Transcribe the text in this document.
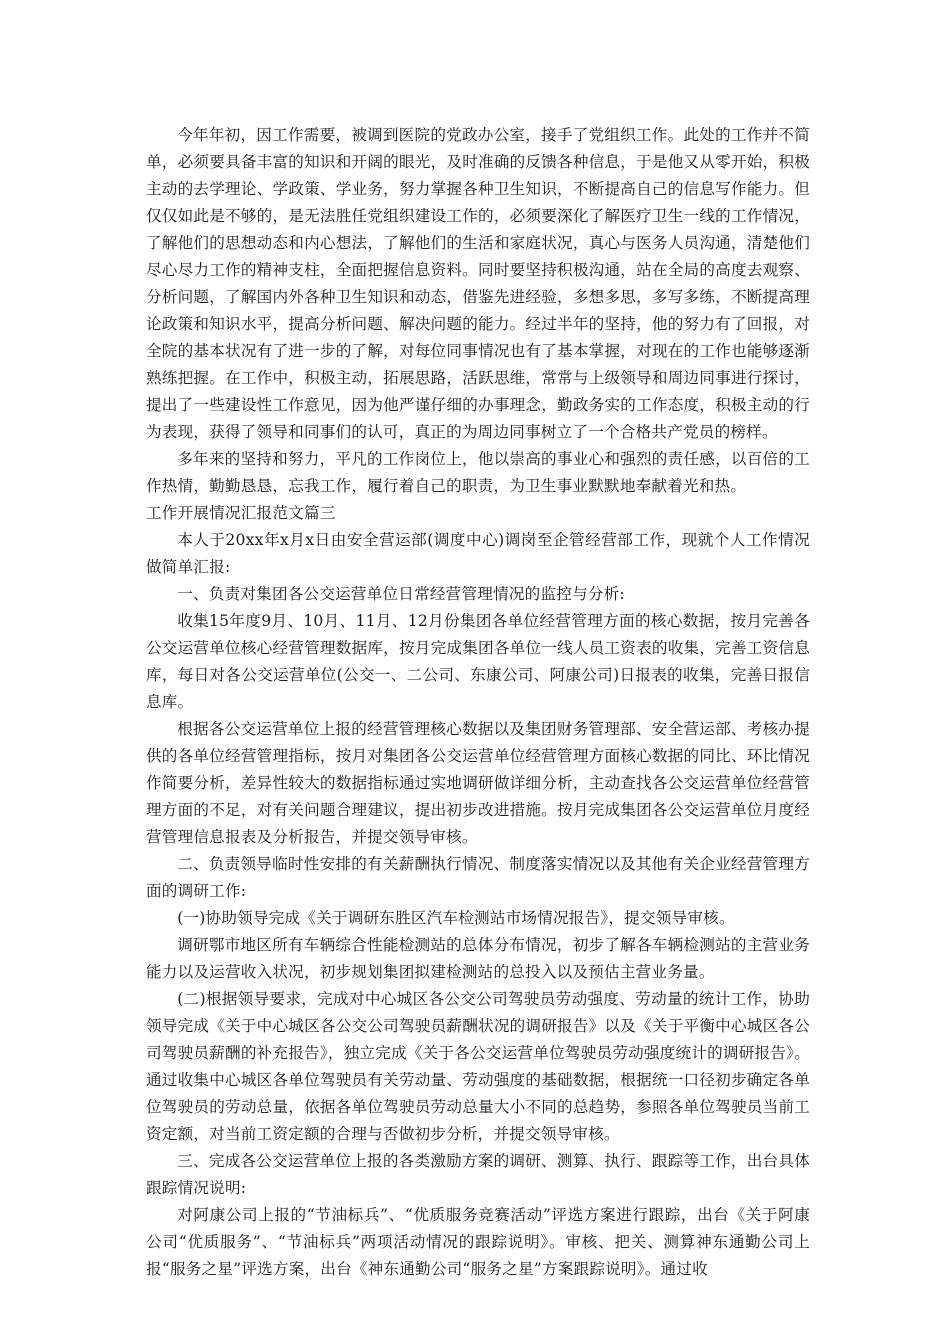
今年年初，因工作需要，被调到医院的党政办公室，接手了党组织工作。此处的工作并不简单，必须要具备丰富的知识和开阔的眼光，及时准确的反馈各种信息，于是他又从零开始，积极主动的去学理论、学政策、学业务，努力掌握各种卫生知识，不断提高自己的信息写作能力。但仅仅如此是不够的，是无法胜任党组织建设工作的，必须要深化了解医疗卫生一线的工作情况，了解他们的思想动态和内心想法，了解他们的生活和家庭状况，真心与医务人员沟通，清楚他们尽心尽力工作的精神支柱，全面把握信息资料。同时要坚持积极沟通，站在全局的高度去观察、分析问题，了解国内外各种卫生知识和动态，借鉴先进经验，多想多思，多写多练，不断提高理论政策和知识水平，提高分析问题、解决问题的能力。经过半年的坚持，他的努力有了回报，对全院的基本状况有了进一步的了解，对每位同事情况也有了基本掌握，对现在的工作也能够逐渐熟练把握。在工作中，积极主动，拓展思路，活跃思维，常常与上级领导和周边同事进行探讨，提出了一些建设性工作意见，因为他严谨仔细的办事理念，勤政务实的工作态度，积极主动的行为表现，获得了领导和同事们的认可，真正的为周边同事树立了一个合格共产党员的榜样。

多年来的坚持和努力，平凡的工作岗位上，他以崇高的事业心和强烈的责任感，以百倍的工作热情，勤勤恳恳，忘我工作，履行着自己的职责，为卫生事业默默地奉献着光和热。

工作开展情况汇报范文篇三

本人于20xx年x月x日由安全营运部(调度中心)调岗至企管经营部工作，现就个人工作情况做简单汇报:

一、负责对集团各公交运营单位日常经营管理情况的监控与分析:

收集15年度9月、10月、11月、12月份集团各单位经营管理方面的核心数据，按月完善各公交运营单位核心经营管理数据库，按月完成集团各单位一线人员工资表的收集，完善工资信息库，每日对各公交运营单位(公交一、二公司、东康公司、阿康公司)日报表的收集，完善日报信息库。

根据各公交运营单位上报的经营管理核心数据以及集团财务管理部、安全营运部、考核办提供的各单位经营管理指标，按月对集团各公交运营单位经营管理方面核心数据的同比、环比情况作简要分析，差异性较大的数据指标通过实地调研做详细分析，主动查找各公交运营单位经营管理方面的不足，对有关问题合理建议，提出初步改进措施。按月完成集团各公交运营单位月度经营管理信息报表及分析报告，并提交领导审核。

二、负责领导临时性安排的有关薪酬执行情况、制度落实情况以及其他有关企业经营管理方面的调研工作:

(一)协助领导完成《关于调研东胜区汽车检测站市场情况报告》，提交领导审核。

调研鄂市地区所有车辆综合性能检测站的总体分布情况，初步了解各车辆检测站的主营业务能力以及运营收入状况，初步规划集团拟建检测站的总投入以及预估主营业务量。

(二)根据领导要求，完成对中心城区各公交公司驾驶员劳动强度、劳动量的统计工作，协助领导完成《关于中心城区各公交公司驾驶员薪酬状况的调研报告》以及《关于平衡中心城区各公司驾驶员薪酬的补充报告》，独立完成《关于各公交运营单位驾驶员劳动强度统计的调研报告》。 通过收集中心城区各单位驾驶员有关劳动量、劳动强度的基础数据，根据统一口径初步确定各单位驾驶员的劳动总量，依据各单位驾驶员劳动总量大小不同的总趋势，参照各单位驾驶员当前工资定额，对当前工资定额的合理与否做初步分析，并提交领导审核。

三、完成各公交运营单位上报的各类激励方案的调研、测算、执行、跟踪等工作，出台具体跟踪情况说明:

对阿康公司上报的“节油标兵”、“优质服务竞赛活动”评选方案进行跟踪，出台《关于阿康公司“优质服务”、“节油标兵”两项活动情况的跟踪说明》。审核、把关、测算神东通勤公司上报“服务之星”评选方案，出台《神东通勤公司“服务之星”方案跟踪说明》。通过收
